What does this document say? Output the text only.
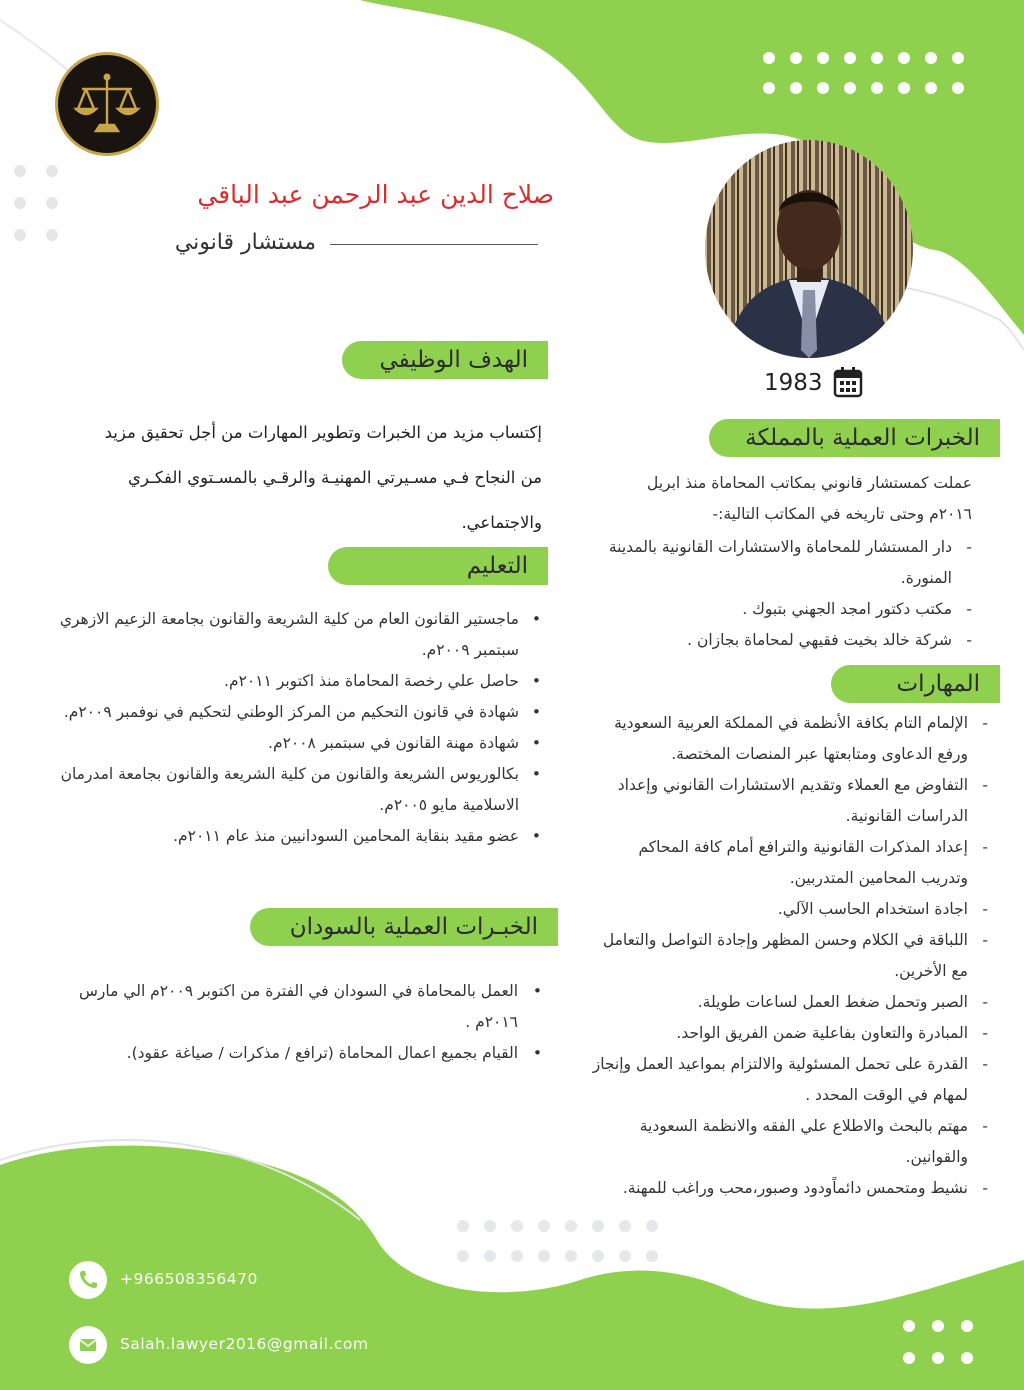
صلاح الدين عبد الرحمن عبد الباقي
مستشار قانوني
1983
الهدف الوظيفي
إكتساب مزيد من الخبرات وتطوير المهارات من أجل تحقيق مزيد
من النجاح فـي مسـيرتي المهنيـة والرقـي بالمسـتوي الفكـري
والاجتماعي.
التعليم
• ماجستير القانون العام من كلية الشريعة والقانون بجامعة الزعيم الازهري سبتمبر ٢٠٠٩م.
• حاصل علي رخصة المحاماة منذ اكتوبر ٢٠١١م.
• شهادة في قانون التحكيم من المركز الوطني لتحكيم في نوفمبر ٢٠٠٩م.
• شهادة مهنة القانون في سبتمبر ٢٠٠٨م.
• بكالوريوس الشريعة والقانون من كلية الشريعة والقانون بجامعة امدرمان الاسلامية مايو ٢٠٠٥م.
• عضو مقيد بنقابة المحامين السودانيين منذ عام ٢٠١١م.
الخبـرات العملية بالسودان
• العمل بالمحاماة في السودان في الفترة من اكتوبر ٢٠٠٩م الي مارس ٢٠١٦م .
• القيام بجميع اعمال المحاماة (ترافع / مذكرات / صياغة عقود).
الخبرات العملية بالمملكة
عملت كمستشار قانوني بمكاتب المحاماة منذ ابريل ٢٠١٦م وحتى تاريخه في المكاتب التالية:-
- دار المستشار للمحاماة والاستشارات القانونية بالمدينة المنورة.
- مكتب دكتور امجد الجهني بتبوك .
- شركة خالد بخيت فقيهي لمحاماة بجازان .
المهارات
- الإلمام التام بكافة الأنظمة في المملكة العربية السعودية ورفع الدعاوى ومتابعتها عبر المنصات المختصة.
- التفاوض مع العملاء وتقديم الاستشارات القانوني وإعداد الدراسات القانونية.
- إعداد المذكرات القانونية والترافع أمام كافة المحاكم وتدريب المحامين المتدربين.
- اجادة استخدام الحاسب الآلي.
- اللباقة في الكلام وحسن المظهر وإجادة التواصل والتعامل مع الأخرين.
- الصبر وتحمل ضغط العمل لساعات طويلة.
- المبادرة والتعاون بفاعلية ضمن الفريق الواحد.
- القدرة على تحمل المسئولية والالتزام بمواعيد العمل وإنجاز لمهام في الوقت المحدد .
- مهتم بالبحث والاطلاع علي الفقه والانظمة السعودية والقوانين.
- نشيط ومتحمس دائماًودود وصبور،محب وراغب للمهنة.
+966508356470
Salah.lawyer2016@gmail.com
